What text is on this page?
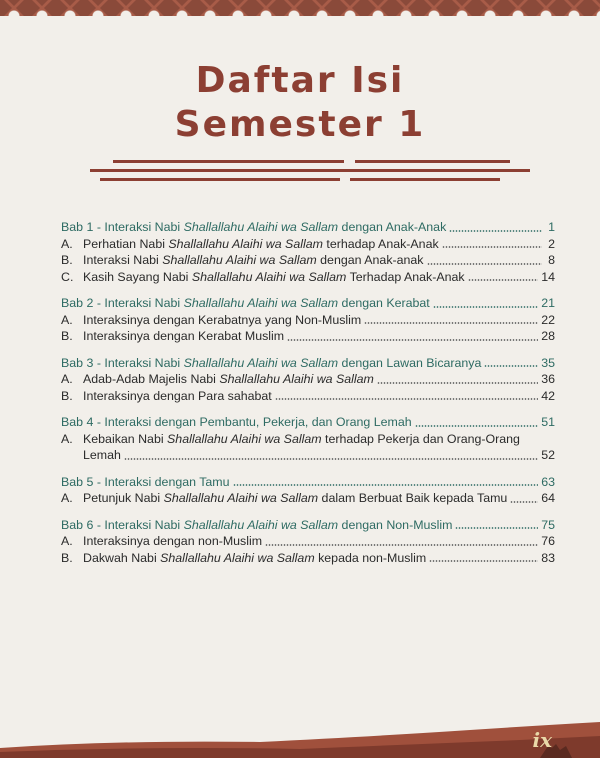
Daftar Isi
Semester 1
Bab 1 - Interaksi Nabi Shallallahu Alaihi wa Sallam dengan Anak-Anak	1
A. Perhatian Nabi Shallallahu Alaihi wa Sallam terhadap Anak-Anak	2
B. Interaksi Nabi Shallallahu Alaihi wa Sallam dengan Anak-anak	8
C. Kasih Sayang Nabi Shallallahu Alaihi wa Sallam Terhadap Anak-Anak	14
Bab 2 - Interaksi Nabi Shallallahu Alaihi wa Sallam dengan Kerabat	21
A. Interaksinya dengan Kerabatnya yang Non-Muslim	22
B. Interaksinya dengan Kerabat Muslim	28
Bab 3 - Interaksi Nabi Shallallahu Alaihi wa Sallam dengan Lawan Bicaranya	35
A. Adab-Adab Majelis Nabi Shallallahu Alaihi wa Sallam	36
B. Interaksinya dengan Para sahabat	42
Bab 4 - Interaksi dengan Pembantu, Pekerja, dan Orang Lemah	51
A. Kebaikan Nabi Shallallahu Alaihi wa Sallam terhadap Pekerja dan Orang-Orang
Lemah	52
Bab 5 - Interaksi dengan Tamu	63
A. Petunjuk Nabi Shallallahu Alaihi wa Sallam dalam Berbuat Baik kepada Tamu	64
Bab 6 - Interaksi Nabi Shallallahu Alaihi wa Sallam dengan Non-Muslim	75
A. Interaksinya dengan non-Muslim	76
B. Dakwah Nabi Shallallahu Alaihi wa Sallam kepada non-Muslim	83
ix
